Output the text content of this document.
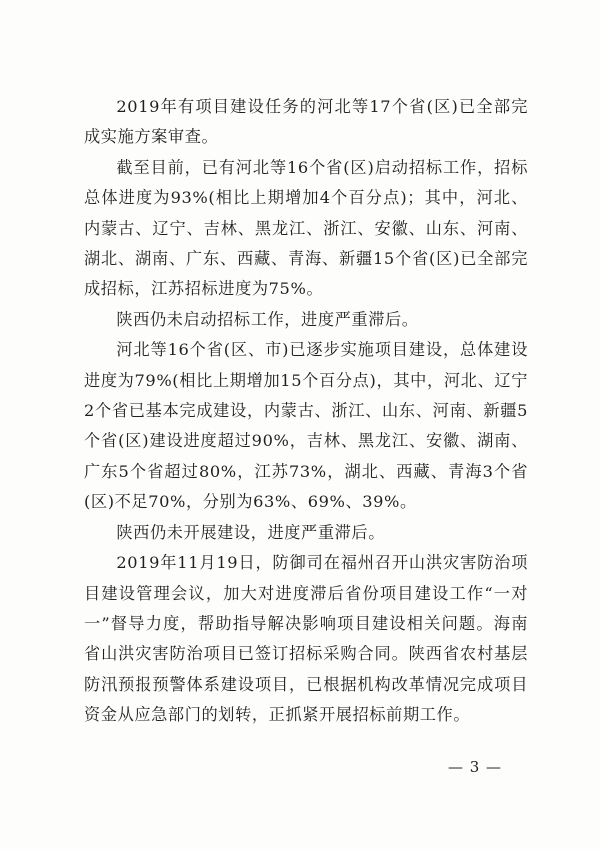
2019年有项目建设任务的河北等17个省(区)已全部完成实施方案审查。

截至目前，已有河北等16个省(区)启动招标工作，招标总体进度为93%(相比上期增加4个百分点)；其中，河北、内蒙古、辽宁、吉林、黑龙江、浙江、安徽、山东、河南、湖北、湖南、广东、西藏、青海、新疆15个省(区)已全部完成招标，江苏招标进度为75%。

陕西仍未启动招标工作，进度严重滞后。

河北等16个省(区、市)已逐步实施项目建设，总体建设进度为79%(相比上期增加15个百分点)，其中，河北、辽宁2个省已基本完成建设，内蒙古、浙江、山东、河南、新疆5个省(区)建设进度超过90%，吉林、黑龙江、安徽、湖南、广东5个省超过80%，江苏73%，湖北、西藏、青海3个省(区)不足70%，分别为63%、69%、39%。

陕西仍未开展建设，进度严重滞后。

2019年11月19日，防御司在福州召开山洪灾害防治项目建设管理会议，加大对进度滞后省份项目建设工作“一对一”督导力度，帮助指导解决影响项目建设相关问题。海南省山洪灾害防治项目已签订招标采购合同。陕西省农村基层防汛预报预警体系建设项目，已根据机构改革情况完成项目资金从应急部门的划转，正抓紧开展招标前期工作。

— 3 —
